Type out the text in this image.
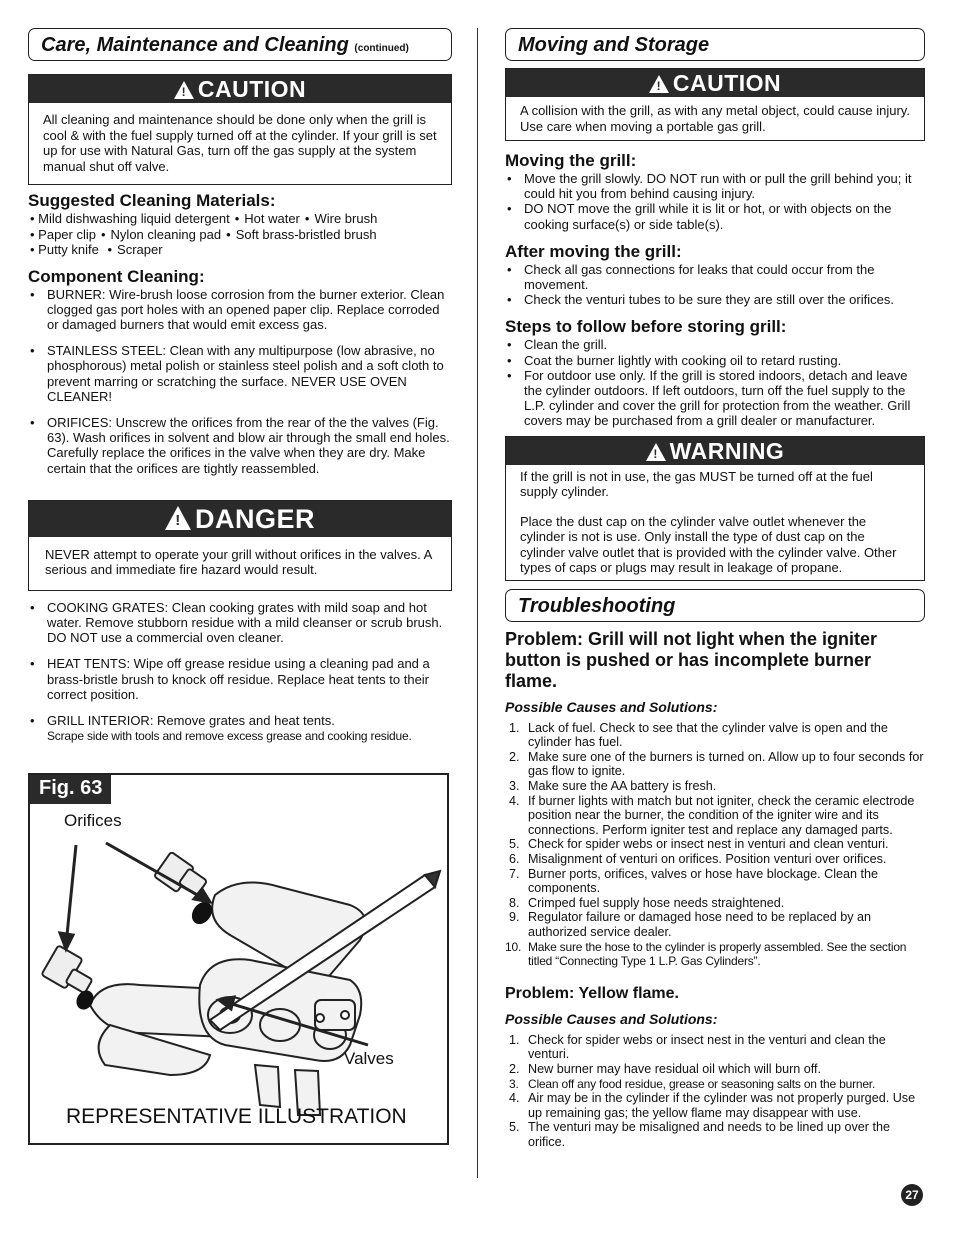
Care, Maintenance and Cleaning (continued)
!CAUTION
All cleaning and maintenance should be done only when the grill is cool & with the fuel supply turned off at the cylinder. If your grill is set up for use with Natural Gas, turn off the gas supply at the system manual shut off valve.
Suggested Cleaning Materials:
• Mild dishwashing liquid detergent • Hot water • Wire brush
• Paper clip • Nylon cleaning pad • Soft brass-bristled brush
• Putty knife • Scraper
Component Cleaning:
• BURNER: Wire-brush loose corrosion from the burner exterior. Clean clogged gas port holes with an opened paper clip. Replace corroded or damaged burners that would emit excess gas.
• STAINLESS STEEL: Clean with any multipurpose (low abrasive, no phosphorous) metal polish or stainless steel polish and a soft cloth to prevent marring or scratching the surface. NEVER USE OVEN CLEANER!
• ORIFICES: Unscrew the orifices from the rear of the the valves (Fig. 63). Wash orifices in solvent and blow air through the small end holes. Carefully replace the orifices in the valve when they are dry. Make certain that the orifices are tightly reassembled.
!DANGER
NEVER attempt to operate your grill without orifices in the valves. A serious and immediate fire hazard would result.
• COOKING GRATES: Clean cooking grates with mild soap and hot water. Remove stubborn residue with a mild cleanser or scrub brush. DO NOT use a commercial oven cleaner.
• HEAT TENTS: Wipe off grease residue using a cleaning pad and a brass-bristle brush to knock off residue. Replace heat tents to their correct position.
• GRILL INTERIOR: Remove grates and heat tents.
Scrape side with tools and remove excess grease and cooking residue.
Fig. 63
Orifices
Valves
REPRESENTATIVE ILLUSTRATION
Moving and Storage
!CAUTION
A collision with the grill, as with any metal object, could cause injury. Use care when moving a portable gas grill.
Moving the grill:
• Move the grill slowly. DO NOT run with or pull the grill behind you; it could hit you from behind causing injury.
• DO NOT move the grill while it is lit or hot, or with objects on the cooking surface(s) or side table(s).
After moving the grill:
• Check all gas connections for leaks that could occur from the movement.
• Check the venturi tubes to be sure they are still over the orifices.
Steps to follow before storing grill:
• Clean the grill.
• Coat the burner lightly with cooking oil to retard rusting.
• For outdoor use only. If the grill is stored indoors, detach and leave the cylinder outdoors. If left outdoors, turn off the fuel supply to the L.P. cylinder and cover the grill for protection from the weather. Grill covers may be purchased from a grill dealer or manufacturer.
!WARNING

If the grill is not in use, the gas MUST be turned off at the fuel supply cylinder.

Place the dust cap on the cylinder valve outlet whenever the cylinder is not is use. Only install the type of dust cap on the cylinder valve outlet that is provided with the cylinder valve. Other types of caps or plugs may result in leakage of propane.

Troubleshooting
Problem: Grill will not light when the igniter button is pushed or has incomplete burner flame.
Possible Causes and Solutions:
1. Lack of fuel. Check to see that the cylinder valve is open and the cylinder has fuel.
2. Make sure one of the burners is turned on. Allow up to four seconds for gas flow to ignite.
3. Make sure the AA battery is fresh.
4. If burner lights with match but not igniter, check the ceramic electrode position near the burner, the condition of the igniter wire and its connections. Perform igniter test and replace any damaged parts.
5. Check for spider webs or insect nest in venturi and clean venturi.
6. Misalignment of venturi on orifices. Position venturi over orifices.
7. Burner ports, orifices, valves or hose have blockage. Clean the components.
8. Crimped fuel supply hose needs straightened.
9. Regulator failure or damaged hose need to be replaced by an authorized service dealer.
10. Make sure the hose to the cylinder is properly assembled. See the section titled “Connecting Type 1 L.P. Gas Cylinders”.
Problem: Yellow flame.
Possible Causes and Solutions:
1. Check for spider webs or insect nest in the venturi and clean the venturi.
2. New burner may have residual oil which will burn off.
3. Clean off any food residue, grease or seasoning salts on the burner.
4. Air may be in the cylinder if the cylinder was not properly purged. Use up remaining gas; the yellow flame may disappear with use.
5. The venturi may be misaligned and needs to be lined up over the orifice.
27
